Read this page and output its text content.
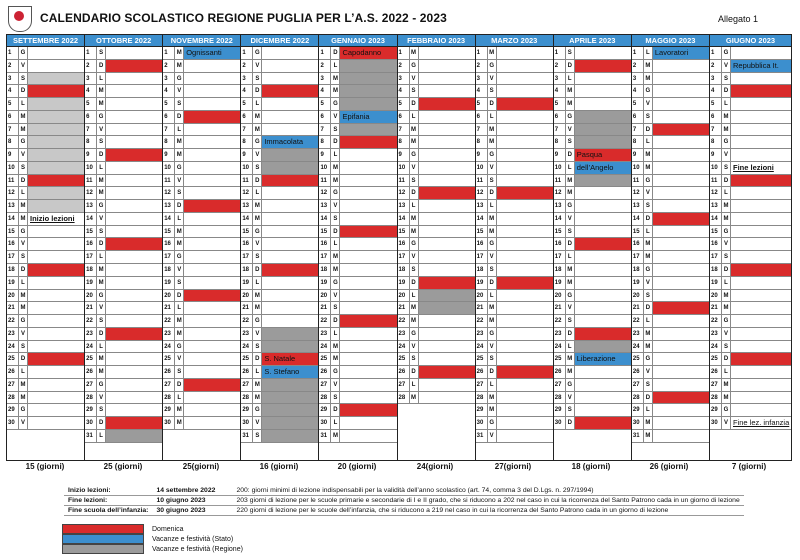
CALENDARIO SCOLASTICO REGIONE PUGLIA PER L’A.S. 2022 - 2023	Allegato 1
SETTEMBRE 2022
1	G
2	V
3	S
4	D
5	L
6	M
7	M
8	G
9	V
10	S
11	D
12	L
13 M
14 M Inizio lezioni
15 G
16	V
17	S
18	D
19	L
20 M
21 M
22 G
23	V
24	S
25	D
26	L
27 M
28 M
29 G
30	V
OTTOBRE 2022
1	S
2	D
3	L
4	M
5	M
6	G
7	V
8	S
9	D
10	L
11	M
12 M
13 G
14	V
15	S
16	D
17	L
18 M
19 M
20 G
21	V
22	S
23	D
24	L
25 M
26 M
27 G
28	V
29	S
30	D
31	L
NOVEMBRE 2022
1	M Ognissanti
2	M
3	G
4	V
5	S
6	D
7	L
8	M
9	M
10 G
11	V
12	S
13	D
14	L
15 M
16 M
17 G
18	V
19	S
20	D
21	L
22 M
23 M
24 G
25	V
26	S
27	D
28	L
29 M
30 M
DICEMBRE 2022
1	G
2	V
3	S
4	D
5	L
6	M
7	M
8	G Immacolata
9	V
10	S
11	D
12	L
13 M
14 M
15 G
16	V
17	S
18	D
19	L
20 M
21 M
22 G
23	V
24	S
25	D S. Natale
26	L S. Stefano
27 M
28 M
29 G
30	V
31	S
GENNAIO 2023
1	D Capodanno
2	L
3	M
4	M
5	G
6	V Epifania
7	S
8	D
9	L
10 M
11	M
12 G
13	V
14	S
15	D
16	L
17 M
18 M
19 G
20	V
21	S
22	D
23	L
24 M
25 M
26 G
27	V
28	S
29	D
30	L
31 M
FEBBRAIO 2023
1	M
2	G
3	V
4	S
5	D
6	L
7	M
8	M
9	G
10	V
11	S
12	D
13	L
14 M
15 M
16 G
17	V
18	S
19	D
20	L
21 M
22 M
23 G
24	V
25	S
26	D
27	L
28 M
MARZO 2023
1	M
2	G
3	V
4	S
5	D
6	L
7	M
8	M
9	G
10	V
11	S
12	D
13	L
14 M
15 M
16 G
17	V
18	S
19	D
20	L
21 M
22 M
23 G
24	V
25	S
26	D
27	L
28 M
29 M
30 G
31	V
APRILE 2023
1	S
2	D
3	L
4	M
5	M
6	G
7	V
8	S
9	D Pasqua
10	L dell’Angelo
11	M
12 M
13 G
14	V
15	S
16	D
17	L
18 M
19 M
20 G
21	V
22	S
23	D
24	L
25 M Liberazione
26 M
27 G
28	V
29	S
30	D
MAGGIO 2023
1	L Lavoratori
2	M
3	M
4	G
5	V
6	S
7	D
8	L
9	M
10 M
11	G
12	V
13	S
14	D
15	L
16 M
17 M
18 G
19	V
20	S
21	D
22	L
23 M
24 M
25 G
26	V
27	S
28	D
29	L
30 M
31 M
GIUGNO 2023
1	G
2	V Repubblica It.
3	S
4	D
5	L
6	M
7	M
8	G
9	V
10	S Fine lezioni
11	D
12	L
13 M
14 M
15 G
16	V
17	S
18	D
19	L
20 M
21 M
22 G
23	V
24	S
25	D
26	L
27 M
28 M
29 G
30	V Fine lez. infanzia
15 (giorni)	25 (giorni)	25(giorni)	16 (giorni)	20 (giorni)	24(giorni)	27(giorni)	18 (giorni)	26 (giorni)	7 (giorni)
Inizio lezioni:	14 settembre 2022	200: giorni minimi di lezione indispensabili per la validità dell’anno scolastico (art. 74, comma 3 del D.Lgs. n. 297/1994)
Fine lezioni:	10 giugno 2023	203 giorni di lezione per le scuole primarie e secondarie di I e II grado, che si riducono a 202 nel caso in cui la ricorrenza del Santo Patrono cada in un giorno di lezione
Fine scuola dell’infanzia:	30 giugno 2023	220 giorni di lezione per le scuole dell’infanzia, che si riducono a 219 nel caso in cui la ricorrenza del Santo Patrono cada in un giorno di lezione
Domenica
Vacanze e festività (Stato)
Vacanze e festività (Regione)
